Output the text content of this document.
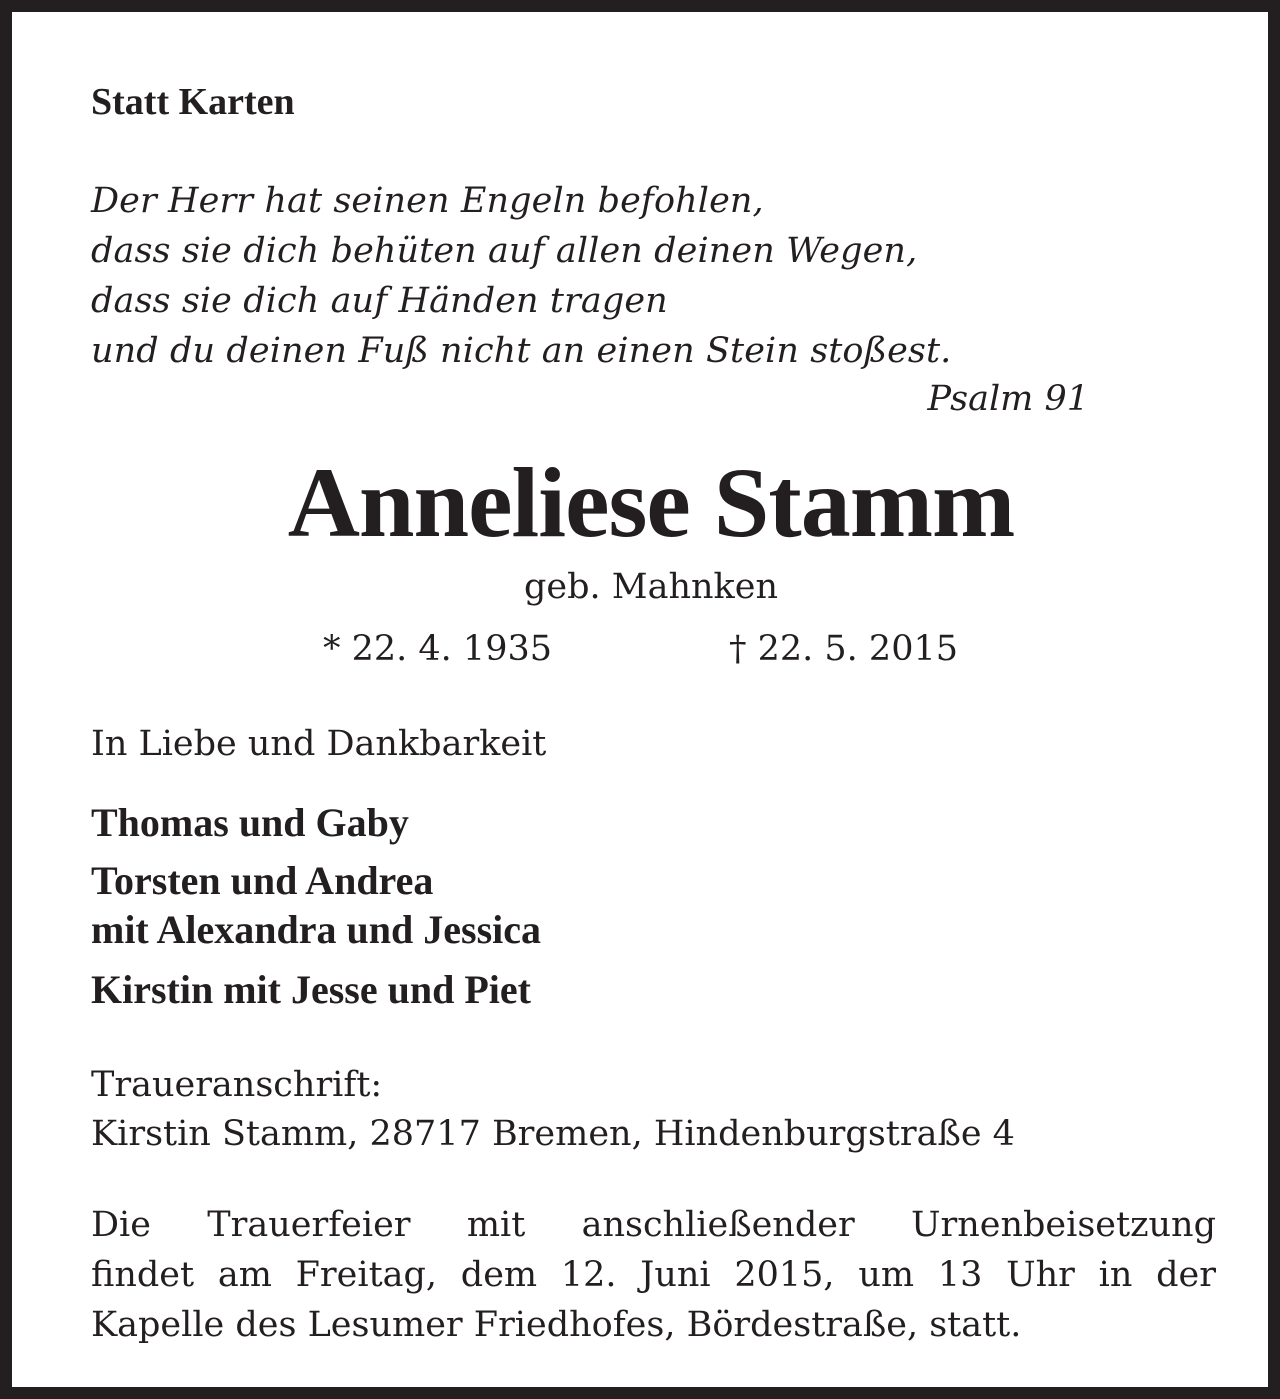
Statt Karten
Der Herr hat seinen Engeln befohlen,
dass sie dich behüten auf allen deinen Wegen,
dass sie dich auf Händen tragen
und du deinen Fuß nicht an einen Stein stoßest.
Psalm 91
Anneliese Stamm
geb. Mahnken
* 22. 4. 1935	† 22. 5. 2015
In Liebe und Dankbarkeit
Thomas und Gaby
Torsten und Andrea
mit Alexandra und Jessica
Kirstin mit Jesse und Piet
Traueranschrift:
Kirstin Stamm, 28717 Bremen, Hindenburgstraße 4
Die Trauerfeier mit anschließender Urnenbeisetzung
findet am Freitag, dem 12. Juni 2015, um 13 Uhr in der
Kapelle des Lesumer Friedhofes, Bördestraße, statt.
